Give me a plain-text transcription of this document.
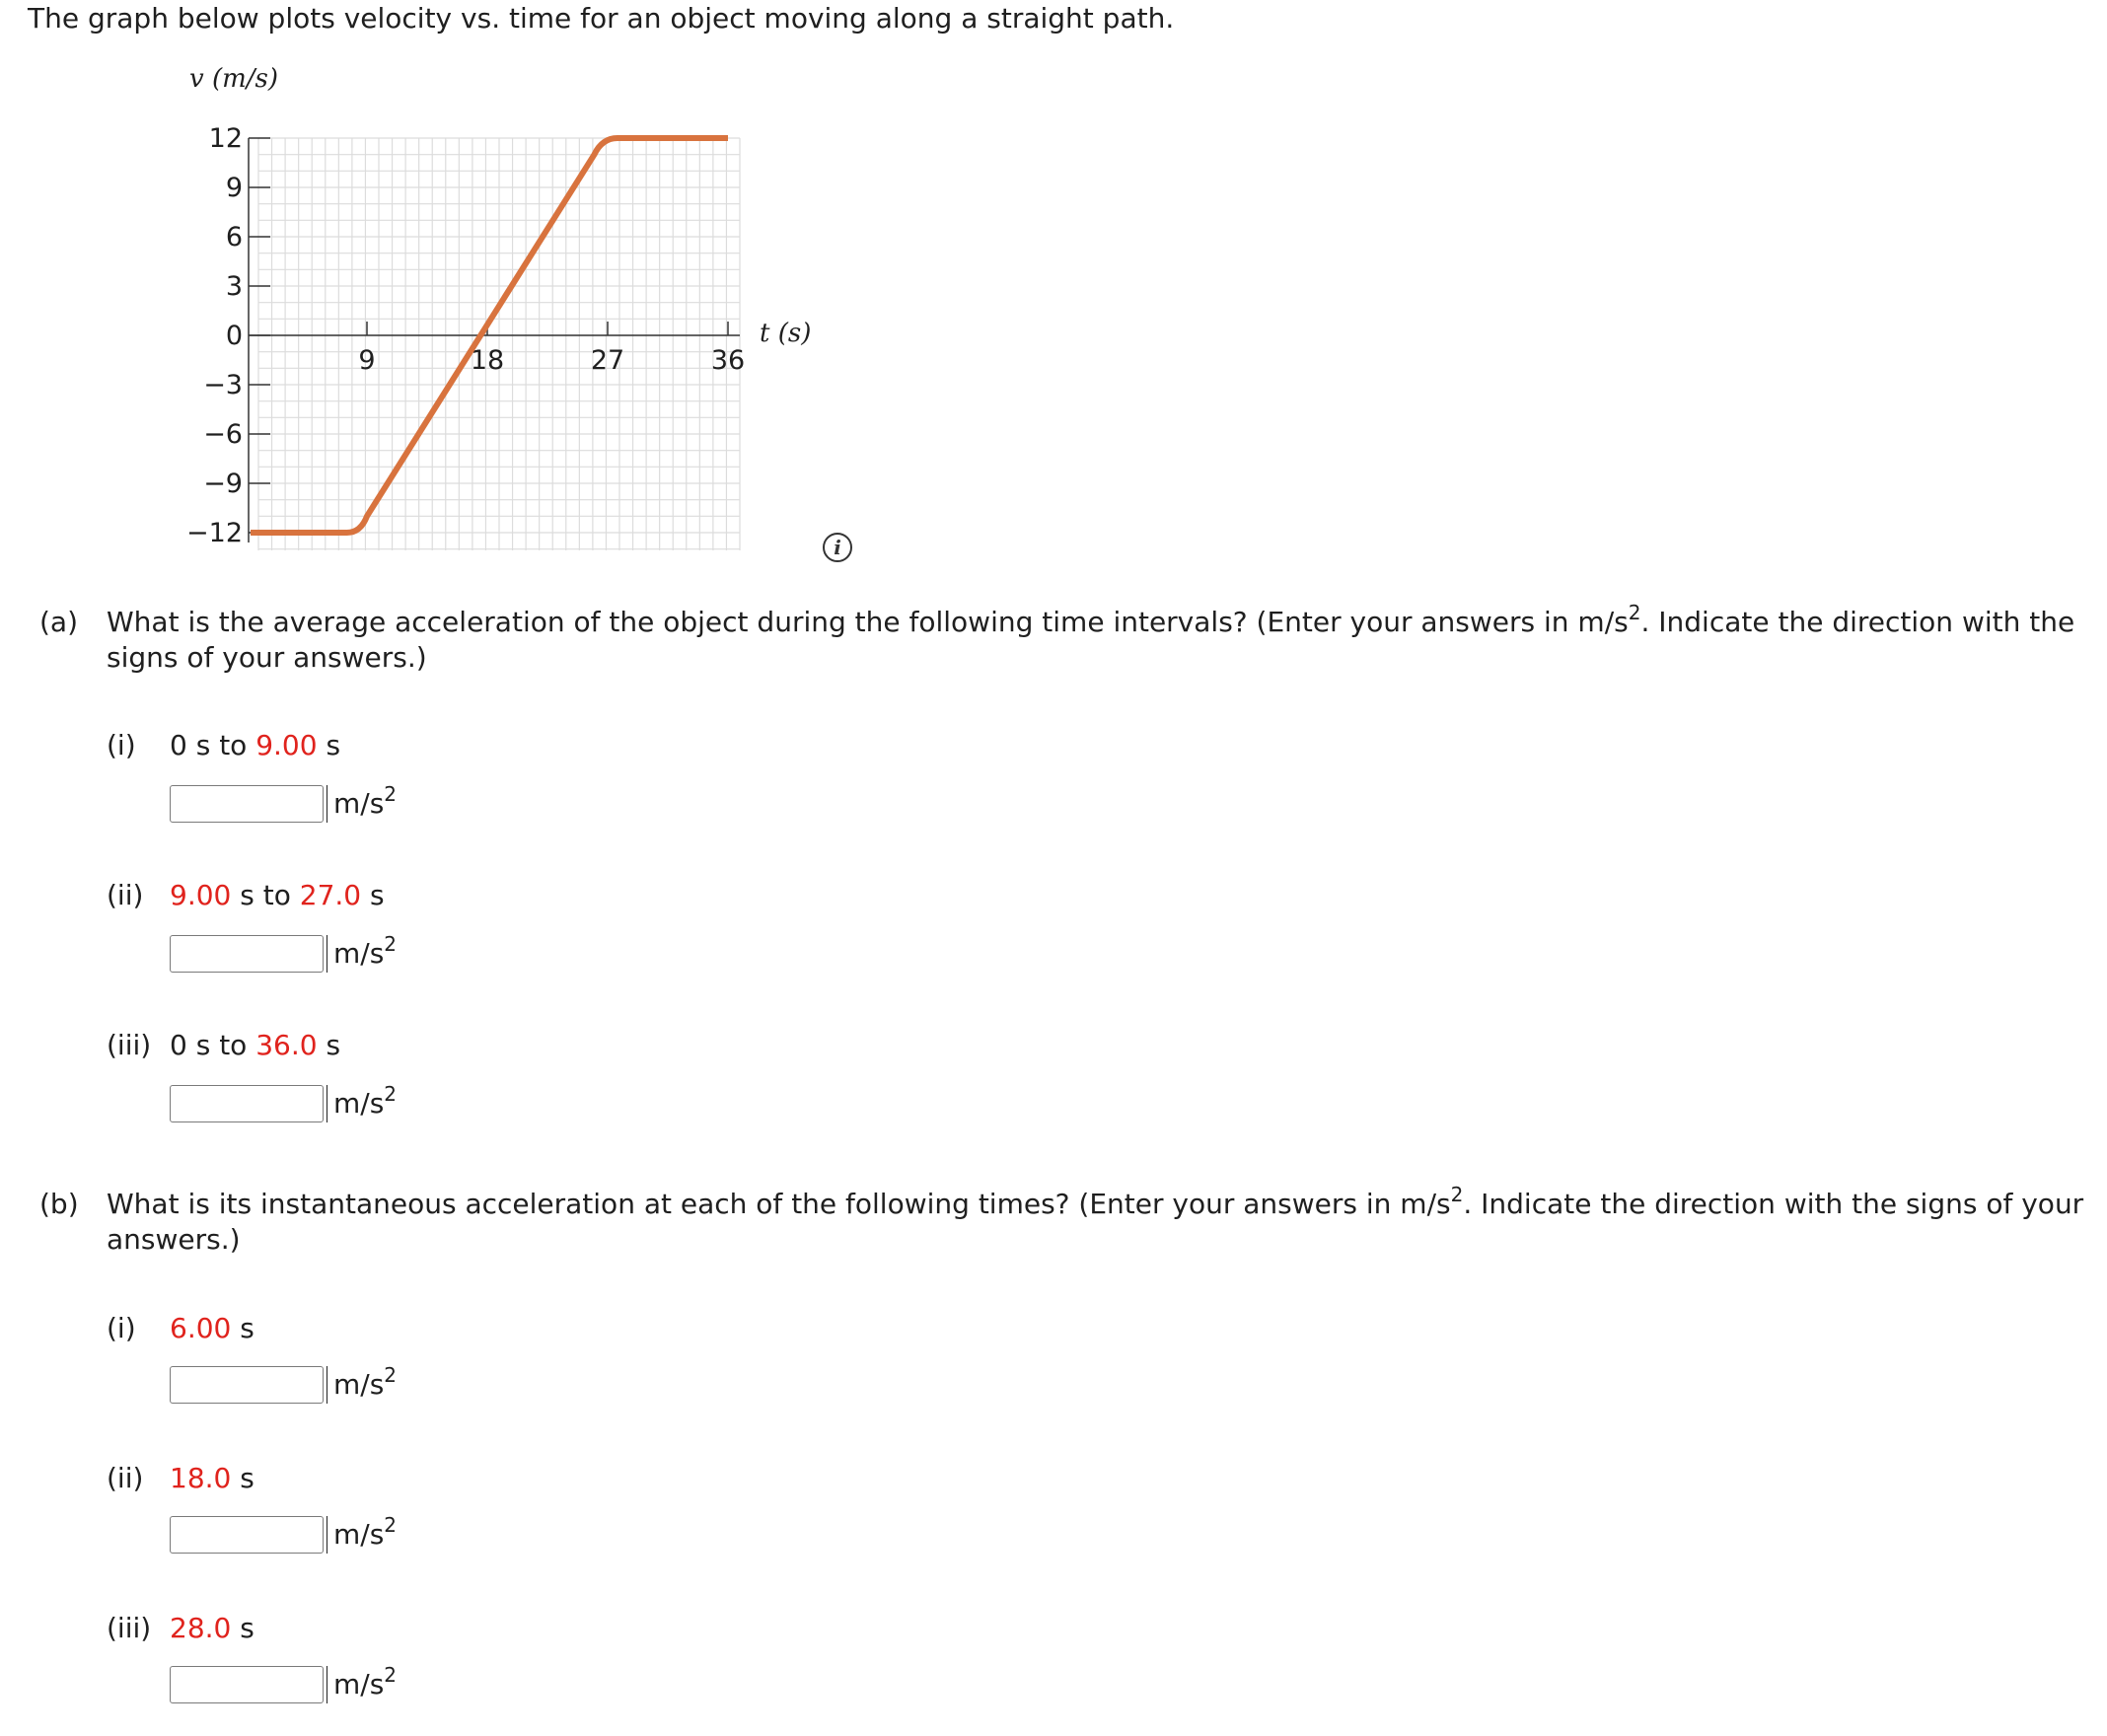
The graph below plots velocity vs. time for an object moving along a straight path.
12
9
6
3
0
−3
−6
−9
−12
9	18	27	36
v (m/s)
t (s)
i
(a) What is the average acceleration of the object during the following time intervals? (Enter your answers in $m/s^2$. Indicate the direction with the signs of your answers.)
(i) 0 s to 9.00 s
$m/s^2$
(ii) 9.00 s to 27.0 s
$m/s^2$
(iii) 0 s to 36.0 s
$m/s^2$
(b) What is its instantaneous acceleration at each of the following times? (Enter your answers in $m/s^2$. Indicate the direction with the signs of your answers.)
(i) 6.00 s
$m/s^2$
(ii) 18.0 s
$m/s^2$
(iii) 28.0 s
$m/s^2$
